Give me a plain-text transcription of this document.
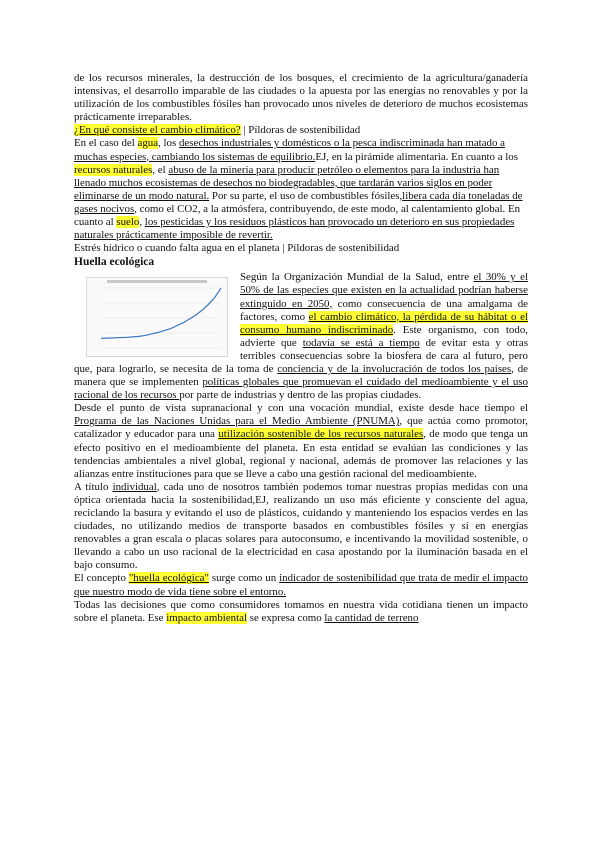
de los recursos minerales, la destrucción de los bosques, el crecimiento de la agricultura/ganadería intensivas, el desarrollo imparable de las ciudades o la apuesta por las energías no renovables y por la utilización de los combustibles fósiles han provocado unos niveles de deterioro de muchos ecosistemas prácticamente irreparables.

¿En qué consiste el cambio climático? | Píldoras de sostenibilidad

En el caso del agua, los desechos industriales y domésticos o la pesca indiscriminada han matado a muchas especies, cambiando los sistemas de equilibrio.EJ, en la pirámide alimentaria. En cuanto a los recursos naturales, el abuso de la minería para producir petróleo o elementos para la industria han llenado muchos ecosistemas de desechos no biodegradables, que tardarán varios siglos en poder eliminarse de un modo natural. Por su parte, el uso de combustibles fósiles,libera cada día toneladas de gases nocivos, como el CO2, a la atmósfera, contribuyendo, de este modo, al calentamiento global. En cuanto al suelo, los pesticidas y los residuos plásticos han provocado un deterioro en sus propiedades naturales prácticamente imposible de revertir.

Estrés hídrico o cuando falta agua en el planeta | Píldoras de sostenibilidad

Huella ecológica

Según la Organización Mundial de la Salud, entre el 30% y el 50% de las especies que existen en la actualidad podrían haberse extinguido en 2050, como consecuencia de una amalgama de factores, como el cambio climático, la pérdida de su hábitat o el consumo humano indiscriminado. Este organismo, con todo, advierte que todavía se está a tiempo de evitar esta y otras terribles consecuencias sobre la biosfera de cara al futuro, pero que, para lograrlo, se necesita de la toma de conciencia y de la involucración de todos los países, de manera que se implementen políticas globales que promuevan el cuidado del medioambiente y el uso racional de los recursos por parte de industrias y dentro de las propias ciudades.

Desde el punto de vista supranacional y con una vocación mundial, existe desde hace tiempo el Programa de las Naciones Unidas para el Medio Ambiente (PNUMA), que actúa como promotor, catalizador y educador para una utilización sostenible de los recursos naturales, de modo que tenga un efecto positivo en el medioambiente del planeta. En esta entidad se evalúan las condiciones y las tendencias ambientales a nivel global, regional y nacional, además de promover las relaciones y las alianzas entre instituciones para que se lleve a cabo una gestión racional del medioambiente.

A título individual, cada uno de nosotros también podemos tomar nuestras propias medidas con una óptica orientada hacia la sostenibilidad,EJ, realizando un uso más eficiente y consciente del agua, reciclando la basura y evitando el uso de plásticos, cuidando y manteniendo los espacios verdes en las ciudades, no utilizando medios de transporte basados en combustibles fósiles y sí en energías renovables a gran escala o placas solares para autoconsumo, e incentivando la movilidad sostenible, o llevando a cabo un uso racional de la electricidad en casa apostando por la iluminación basada en el bajo consumo.

El concepto "huella ecológica" surge como un indicador de sostenibilidad que trata de medir el impacto que nuestro modo de vida tiene sobre el entorno.

Todas las decisiones que como consumidores tomamos en nuestra vida cotidiana tienen un impacto sobre el planeta. Ese impacto ambiental se expresa como la cantidad de terreno
